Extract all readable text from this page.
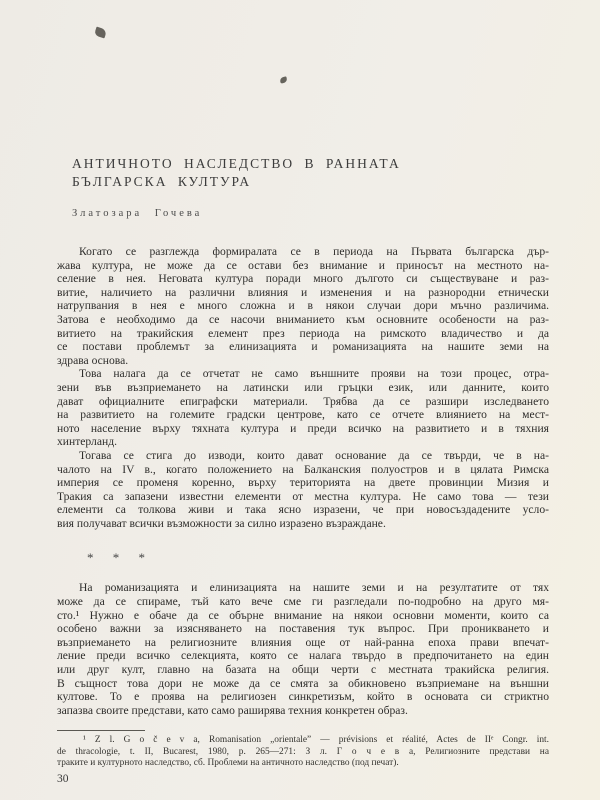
АНТИЧНОТО НАСЛЕДСТВО В РАННАТА
БЪЛГАРСКА КУЛТУРА
Златозара Гочева
Когато се разглежда формиралата се в периода на Първата българска дър-
жава култура, не може да се остави без внимание и приносът на местното на-
селение в нея. Неговата култура поради много дългото си съществуване и раз-
витие, наличието на различни влияния и изменения и на разнородни етнически
натрупвания в нея е много сложна и в някои случаи дори мъчно различима.
Затова е необходимо да се насочи вниманието към основните особености на раз-
витието на тракийския елемент през периода на римското владичество и да
се постави проблемът за елинизацията и романизацията на нашите земи на
здрава основа.
Това налага да се отчетат не само външните прояви на този процес, отра-
зени във възприемането на латински или гръцки език, или данните, които
дават официалните епиграфски материали. Трябва да се разшири изследването
на развитието на големите градски центрове, като се отчете влиянието на мест-
ното население върху тяхната култура и преди всичко на развитието и в тяхния
хинтерланд.
Тогава се стига до изводи, които дават основание да се твърди, че в на-
чалото на IV в., когато положението на Балканския полуостров и в цялата Римска
империя се променя коренно, върху територията на двете провинции Мизия и
Тракия са запазени известни елементи от местна култура. Не само това — тези
елементи са толкова живи и така ясно изразени, че при новосъздадените усло-
вия получават всички възможности за силно изразено възраждане.
* * *
На романизацията и елинизацията на нашите земи и на резултатите от тях
може да се спираме, тъй като вече сме ги разгледали по-подробно на друго мя-
сто.¹ Нужно е обаче да се обърне внимание на някои основни моменти, които са
особено важни за изясняването на поставения тук въпрос. При проникването и
възприемането на религиозните влияния още от най-ранна епоха прави впечат-
ление преди всичко селекцията, която се налага твърдо в предпочитането на един
или друг култ, главно на базата на общи черти с местната тракийска религия.
В същност това дори не може да се смята за обикновено възприемане на външни
култове. То е проява на религиозен синкретизъм, който в основата си стриктно
запазва своите представи, като само раширява техния конкретен образ.
¹ Z l. G o č e v a, Romanisation „orientale” — prévisions et réalité, Actes de IIᵉ Congr. int.
de thracologie, t. II, Bucarest, 1980, p. 265—271: З л. Г о ч е в а, Религиозните представи на
траките и културното наследство, сб. Проблеми на античното наследство (под печат).
30
